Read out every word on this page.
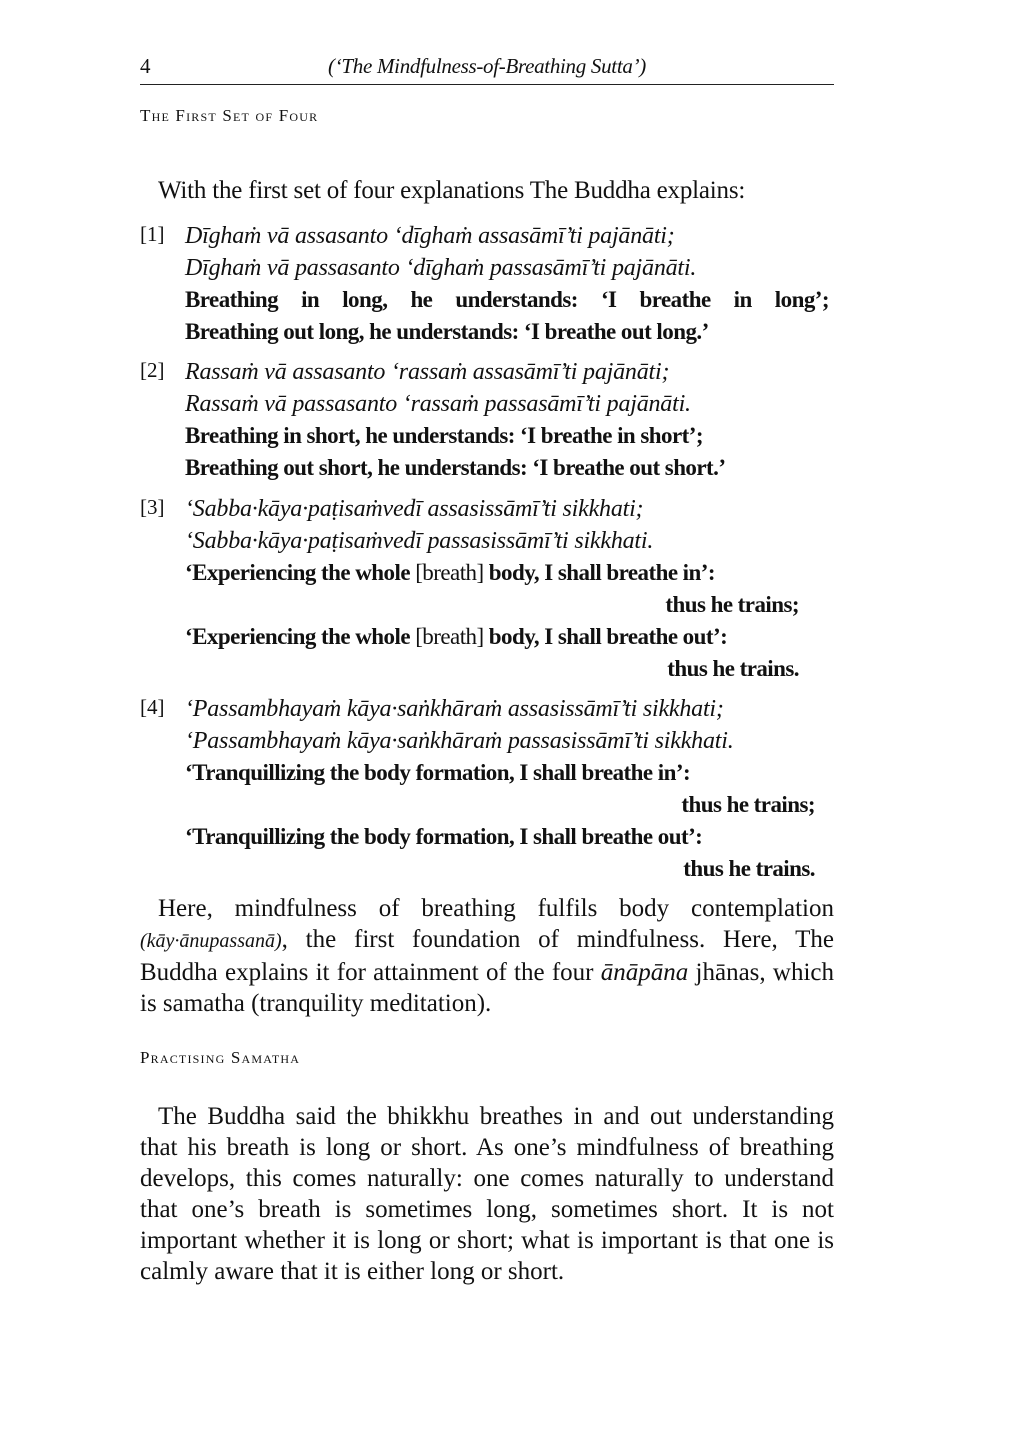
4	(‘The Mindfulness-of-Breathing Sutta’)
The First Set of Four

With the first set of four explanations The Buddha explains:

[1] Dīghaṁ vā assasanto ‘dīghaṁ assasāmī’ti pajānāti;
Dīghaṁ vā passasanto ‘dīghaṁ passasāmī’ti pajānāti.
Breathing in long, he understands: ‘I breathe in long’;
Breathing out long, he understands: ‘I breathe out long.’
[2] Rassaṁ vā assasanto ‘rassaṁ assasāmī’ti pajānāti;
Rassaṁ vā passasanto ‘rassaṁ passasāmī’ti pajānāti.
Breathing in short, he understands: ‘I breathe in short’;
Breathing out short, he understands: ‘I breathe out short.’
[3] ‘Sabba·kāya·paṭisaṁvedī assasissāmī’ti sikkhati;
‘Sabba·kāya·paṭisaṁvedī passasissāmī’ti sikkhati.
‘Experiencing the whole [breath] body, I shall breathe in’:
thus he trains;
‘Experiencing the whole [breath] body, I shall breathe out’:
thus he trains.
[4] ‘Passambhayaṁ kāya·saṅkhāraṁ assasissāmī’ti sikkhati;
‘Passambhayaṁ kāya·saṅkhāraṁ passasissāmī’ti sikkhati.
‘Tranquillizing the body formation, I shall breathe in’:
thus he trains;
‘Tranquillizing the body formation, I shall breathe out’:
thus he trains.

Here, mindfulness of breathing fulfils body contemplation (kāy·ānupassanā), the first foundation of mindfulness. Here, The Buddha explains it for attainment of the four ānāpāna jhānas, which is samatha (tranquility meditation).

Practising Samatha

The Buddha said the bhikkhu breathes in and out understanding that his breath is long or short. As one’s mindfulness of breathing develops, this comes naturally: one comes naturally to understand that one’s breath is sometimes long, sometimes short. It is not important whether it is long or short; what is important is that one is calmly aware that it is either long or short.
